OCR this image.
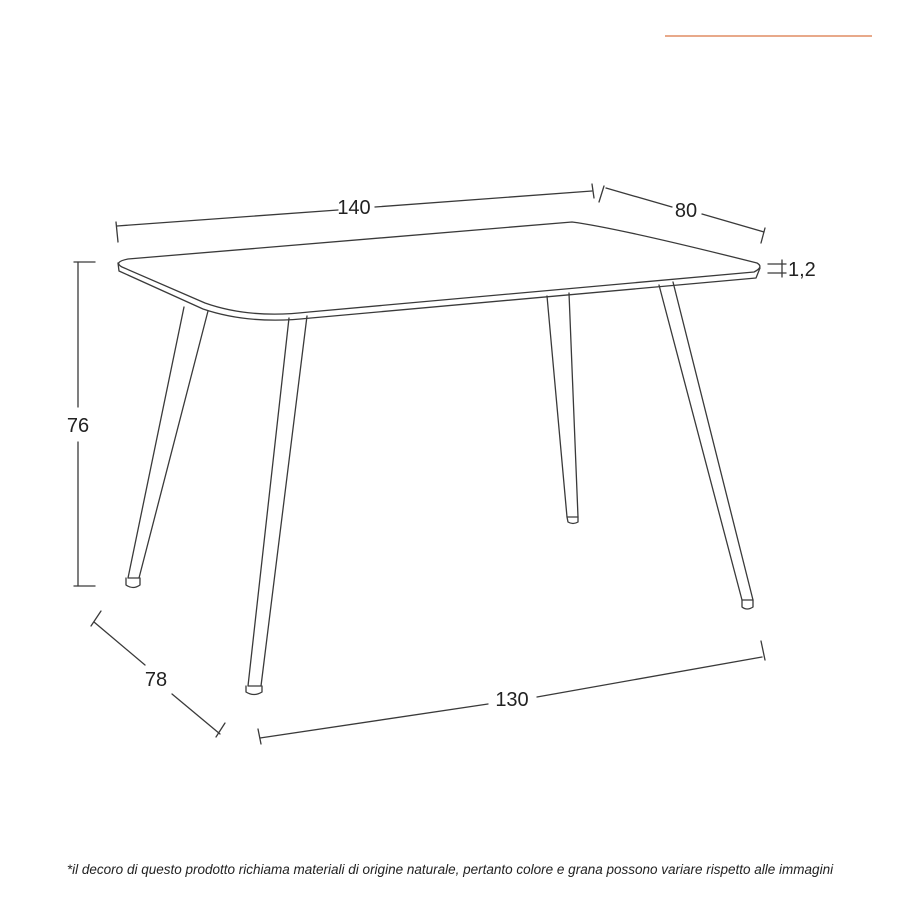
140	80
1,2
76
78
130
*il decoro di questo prodotto richiama materiali di origine naturale, pertanto colore e grana possono variare rispetto alle immagini
